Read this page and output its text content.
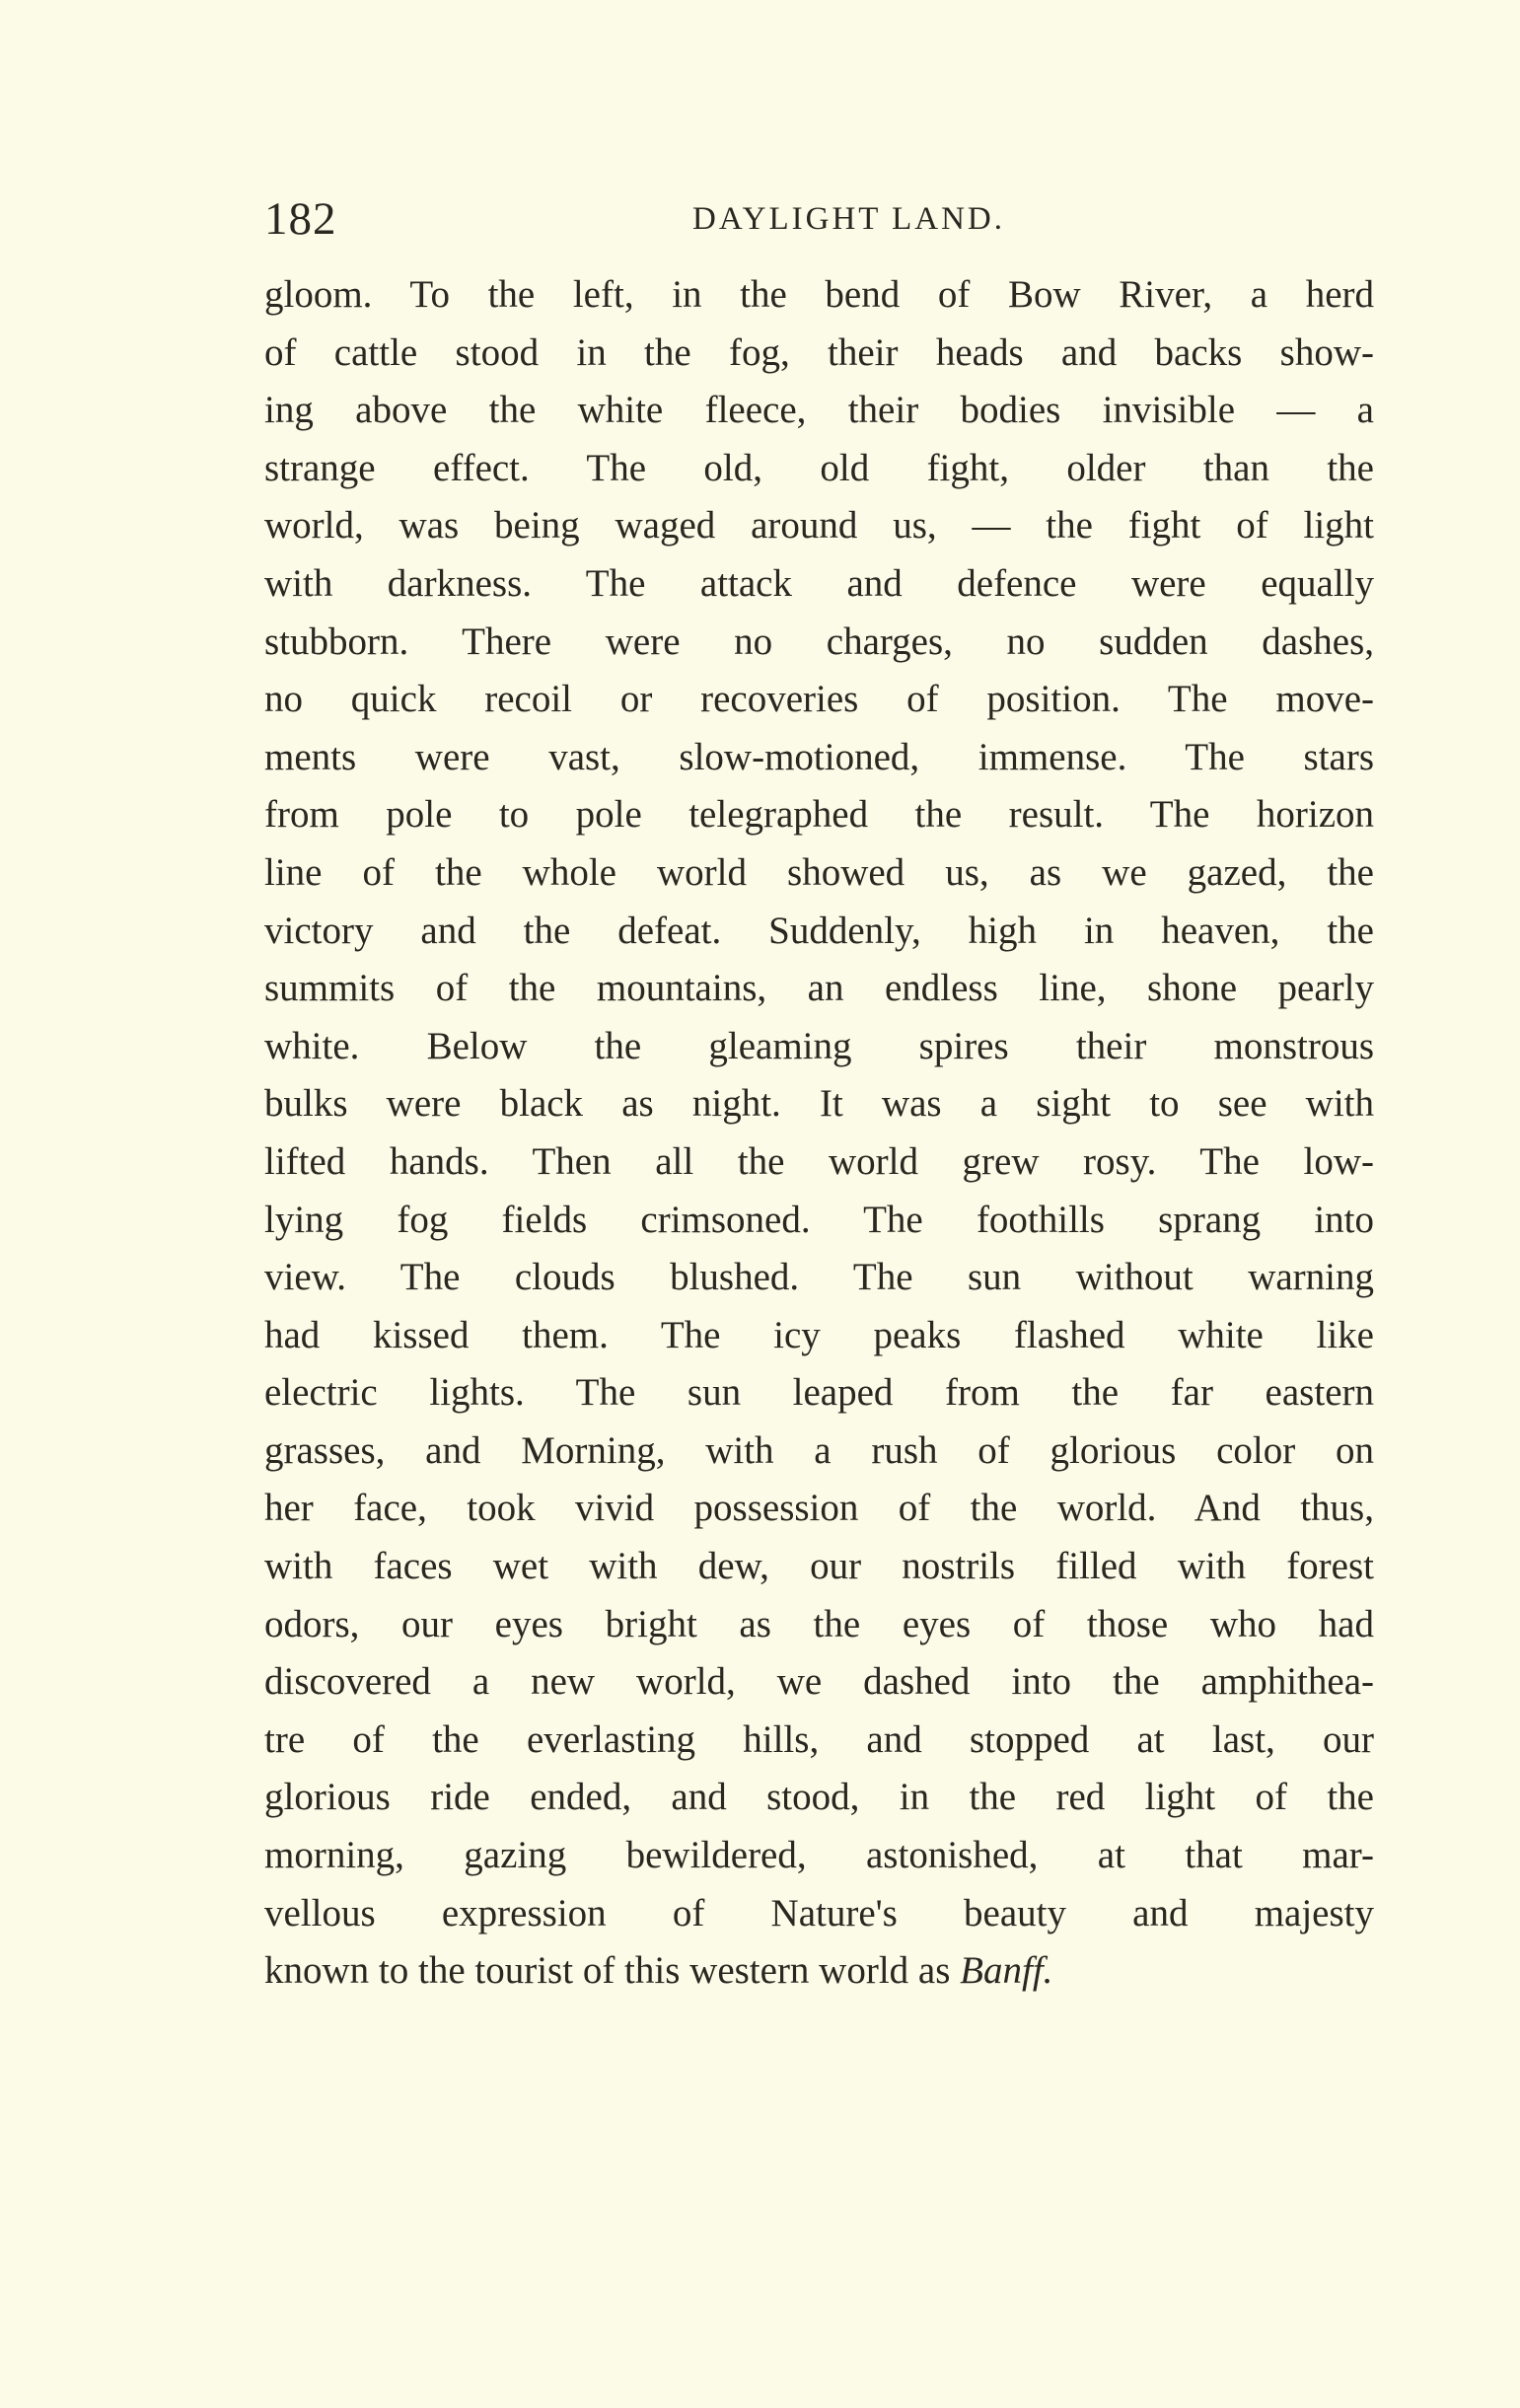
182	DAYLIGHT LAND.
gloom. To the left, in the bend of Bow River, a herd
of cattle stood in the fog, their heads and backs show-
ing above the white fleece, their bodies invisible — a
strange effect. The old, old fight, older than the
world, was being waged around us, — the fight of light
with darkness. The attack and defence were equally
stubborn. There were no charges, no sudden dashes,
no quick recoil or recoveries of position. The move-
ments were vast, slow-motioned, immense. The stars
from pole to pole telegraphed the result. The horizon
line of the whole world showed us, as we gazed, the
victory and the defeat. Suddenly, high in heaven, the
summits of the mountains, an endless line, shone pearly
white. Below the gleaming spires their monstrous
bulks were black as night. It was a sight to see with
lifted hands. Then all the world grew rosy. The low-
lying fog fields crimsoned. The foothills sprang into
view. The clouds blushed. The sun without warning
had kissed them. The icy peaks flashed white like
electric lights. The sun leaped from the far eastern
grasses, and Morning, with a rush of glorious color on
her face, took vivid possession of the world. And thus,
with faces wet with dew, our nostrils filled with forest
odors, our eyes bright as the eyes of those who had
discovered a new world, we dashed into the amphithea-
tre of the everlasting hills, and stopped at last, our
glorious ride ended, and stood, in the red light of the
morning, gazing bewildered, astonished, at that mar-
vellous expression of Nature's beauty and majesty
known to the tourist of this western world as Banff.
